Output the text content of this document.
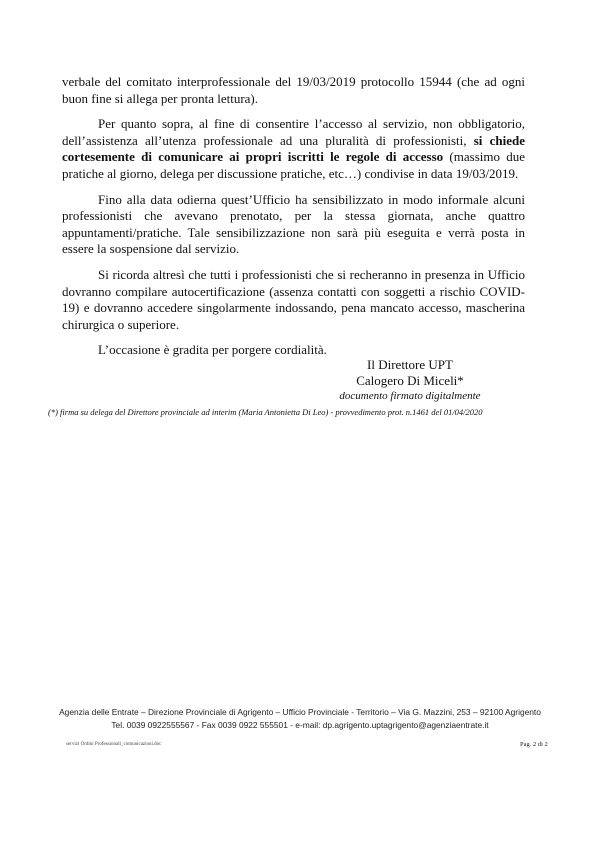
verbale del comitato interprofessionale del 19/03/2019 protocollo 15944 (che ad ogni buon fine si allega per pronta lettura).

Per quanto sopra, al fine di consentire l’accesso al servizio, non obbligatorio, dell’assistenza all’utenza professionale ad una pluralità di professionisti, si chiede cortesemente di comunicare ai propri iscritti le regole di accesso (massimo due pratiche al giorno, delega per discussione pratiche, etc…) condivise in data 19/03/2019.

Fino alla data odierna quest’Ufficio ha sensibilizzato in modo informale alcuni professionisti che avevano prenotato, per la stessa giornata, anche quattro appuntamenti/pratiche. Tale sensibilizzazione non sarà più eseguita e verrà posta in essere la sospensione dal servizio.

Si ricorda altresì che tutti i professionisti che si recheranno in presenza in Ufficio dovranno compilare autocertificazione (assenza contatti con soggetti a rischio COVID-19) e dovranno accedere singolarmente indossando, pena mancato accesso, mascherina chirurgica o superiore.

L’occasione è gradita per porgere cordialità.

Il Direttore UPT
Calogero Di Miceli*
documento firmato digitalmente
(*) firma su delega del Direttore provinciale ad interim (Maria Antonietta Di Leo) - provvedimento prot. n.1461 del 01/04/2020
Agenzia delle Entrate – Direzione Provinciale di Agrigento – Ufficio Provinciale - Territorio – Via G. Mazzini, 253 – 92100 Agrigento
Tel. 0039 0922555567 - Fax 0039 0922 555501 - e-mail: dp.agrigento.uptagrigento@agenziaentrate.it
servizi Ordini Professionali_comunicazioni.doc	Pag. 2 di 2
